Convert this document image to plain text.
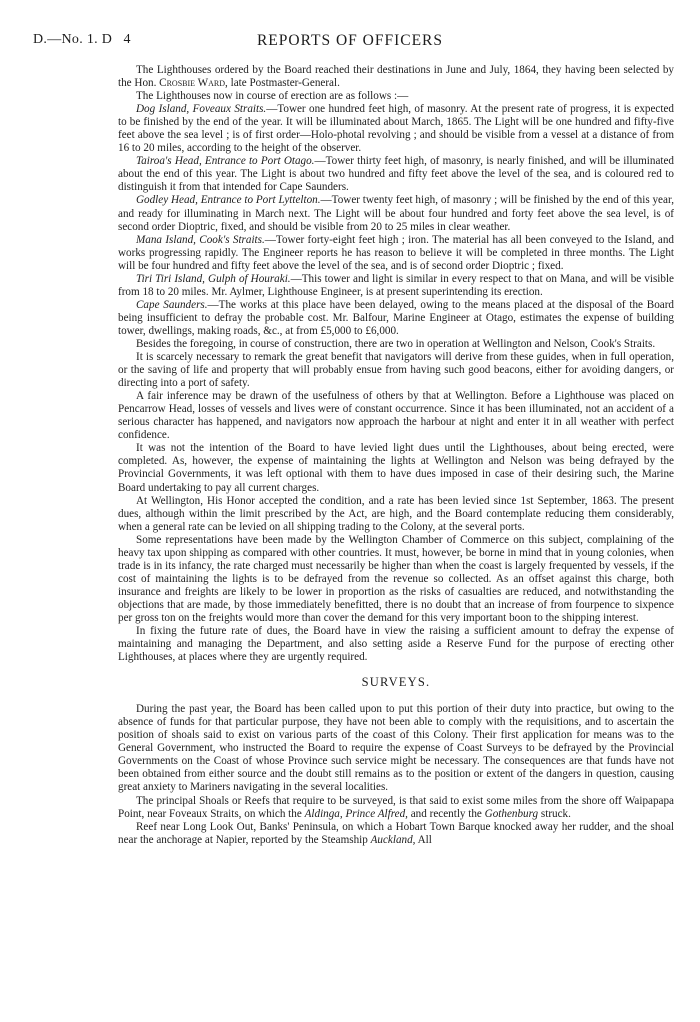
D.—No. 1. D 4	REPORTS OF OFFICERS

The Lighthouses ordered by the Board reached their destinations in June and July, 1864, they having been selected by the Hon. Crosbie Ward, late Postmaster-General.

The Lighthouses now in course of erection are as follows :—

Dog Island, Foveaux Straits.—Tower one hundred feet high, of masonry. At the present rate of progress, it is expected to be finished by the end of the year. It will be illuminated about March, 1865. The Light will be one hundred and fifty-five feet above the sea level ; is of first order—Holo-photal revolving ; and should be visible from a vessel at a distance of from 16 to 20 miles, according to the height of the observer.

Tairoa's Head, Entrance to Port Otago.—Tower thirty feet high, of masonry, is nearly finished, and will be illuminated about the end of this year. The Light is about two hundred and fifty feet above the level of the sea, and is coloured red to distinguish it from that intended for Cape Saunders.

Godley Head, Entrance to Port Lyttelton.—Tower twenty feet high, of masonry ; will be finished by the end of this year, and ready for illuminating in March next. The Light will be about four hundred and forty feet above the sea level, is of second order Dioptric, fixed, and should be visible from 20 to 25 miles in clear weather.

Mana Island, Cook's Straits.—Tower forty-eight feet high ; iron. The material has all been conveyed to the Island, and works progressing rapidly. The Engineer reports he has reason to believe it will be completed in three months. The Light will be four hundred and fifty feet above the level of the sea, and is of second order Dioptric ; fixed.

Tiri Tiri Island, Gulph of Houraki.—This tower and light is similar in every respect to that on Mana, and will be visible from 18 to 20 miles. Mr. Aylmer, Lighthouse Engineer, is at present superintending its erection.

Cape Saunders.—The works at this place have been delayed, owing to the means placed at the disposal of the Board being insufficient to defray the probable cost. Mr. Balfour, Marine Engineer at Otago, estimates the expense of building tower, dwellings, making roads, &c., at from £5,000 to £6,000.

Besides the foregoing, in course of construction, there are two in operation at Wellington and Nelson, Cook's Straits.

It is scarcely necessary to remark the great benefit that navigators will derive from these guides, when in full operation, or the saving of life and property that will probably ensue from having such good beacons, either for avoiding dangers, or directing into a port of safety.

A fair inference may be drawn of the usefulness of others by that at Wellington. Before a Lighthouse was placed on Pencarrow Head, losses of vessels and lives were of constant occurrence. Since it has been illuminated, not an accident of a serious character has happened, and navigators now approach the harbour at night and enter it in all weather with perfect confidence.

It was not the intention of the Board to have levied light dues until the Lighthouses, about being erected, were completed. As, however, the expense of maintaining the lights at Wellington and Nelson was being defrayed by the Provincial Governments, it was left optional with them to have dues imposed in case of their desiring such, the Marine Board undertaking to pay all current charges.

At Wellington, His Honor accepted the condition, and a rate has been levied since 1st September, 1863. The present dues, although within the limit prescribed by the Act, are high, and the Board contemplate reducing them considerably, when a general rate can be levied on all shipping trading to the Colony, at the several ports.

Some representations have been made by the Wellington Chamber of Commerce on this subject, complaining of the heavy tax upon shipping as compared with other countries. It must, however, be borne in mind that in young colonies, when trade is in its infancy, the rate charged must necessarily be higher than when the coast is largely frequented by vessels, if the cost of maintaining the lights is to be defrayed from the revenue so collected. As an offset against this charge, both insurance and freights are likely to be lower in proportion as the risks of casualties are reduced, and notwithstanding the objections that are made, by those immediately benefitted, there is no doubt that an increase of from fourpence to sixpence per gross ton on the freights would more than cover the demand for this very important boon to the shipping interest.

In fixing the future rate of dues, the Board have in view the raising a sufficient amount to defray the expense of maintaining and managing the Department, and also setting aside a Reserve Fund for the purpose of erecting other Lighthouses, at places where they are urgently required.

SURVEYS.

During the past year, the Board has been called upon to put this portion of their duty into practice, but owing to the absence of funds for that particular purpose, they have not been able to comply with the requisitions, and to ascertain the position of shoals said to exist on various parts of the coast of this Colony. Their first application for means was to the General Government, who instructed the Board to require the expense of Coast Surveys to be defrayed by the Provincial Governments on the Coast of whose Province such service might be necessary. The consequences are that funds have not been obtained from either source and the doubt still remains as to the position or extent of the dangers in question, causing great anxiety to Mariners navigating in the several localities.

The principal Shoals or Reefs that require to be surveyed, is that said to exist some miles from the shore off Waipapapa Point, near Foveaux Straits, on which the Aldinga, Prince Alfred, and recently the Gothenburg struck.

Reef near Long Look Out, Banks' Peninsula, on which a Hobart Town Barque knocked away her rudder, and the shoal near the anchorage at Napier, reported by the Steamship Auckland, All
